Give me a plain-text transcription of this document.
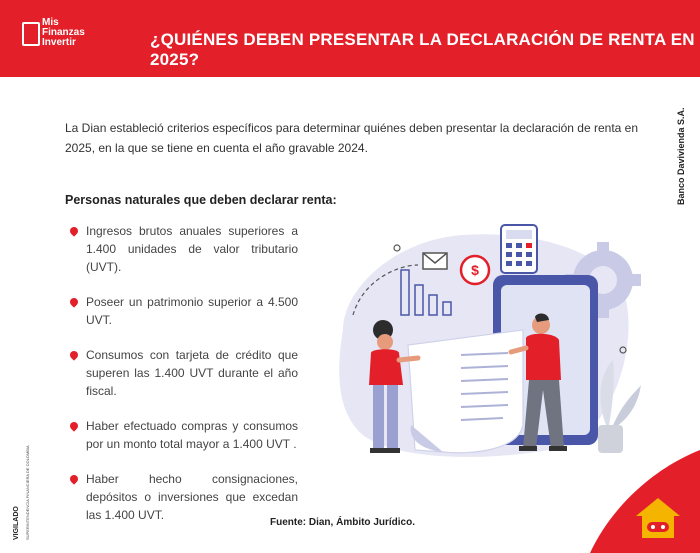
Mis
Finanzas
Invertir	¿QUIÉNES DEBEN PRESENTAR LA DECLARACIÓN DE RENTA EN 2025?

La Dian estableció criterios específicos para determinar quiénes deben presentar la declaración de renta en 2025, en la que se tiene en cuenta el año gravable 2024.	Banco Davivienda S.A.
Personas naturales que deben declarar renta:
Ingresos brutos anuales superiores a 1.400 unidades de valor tributario (UVT).
Poseer un patrimonio superior a 4.500 UVT.
Consumos con tarjeta de crédito que superen las 1.400 UVT durante el año fiscal.
Haber efectuado compras y consumos por un monto total mayor a 1.400 UVT .
Haber hecho consignaciones, depósitos o inversiones que excedan las 1.400 UVT.
$
VIGILADO SUPERINTENDENCIA FINANCIERA DE COLOMBIA	Fuente: Dian, Ámbito Jurídico.
